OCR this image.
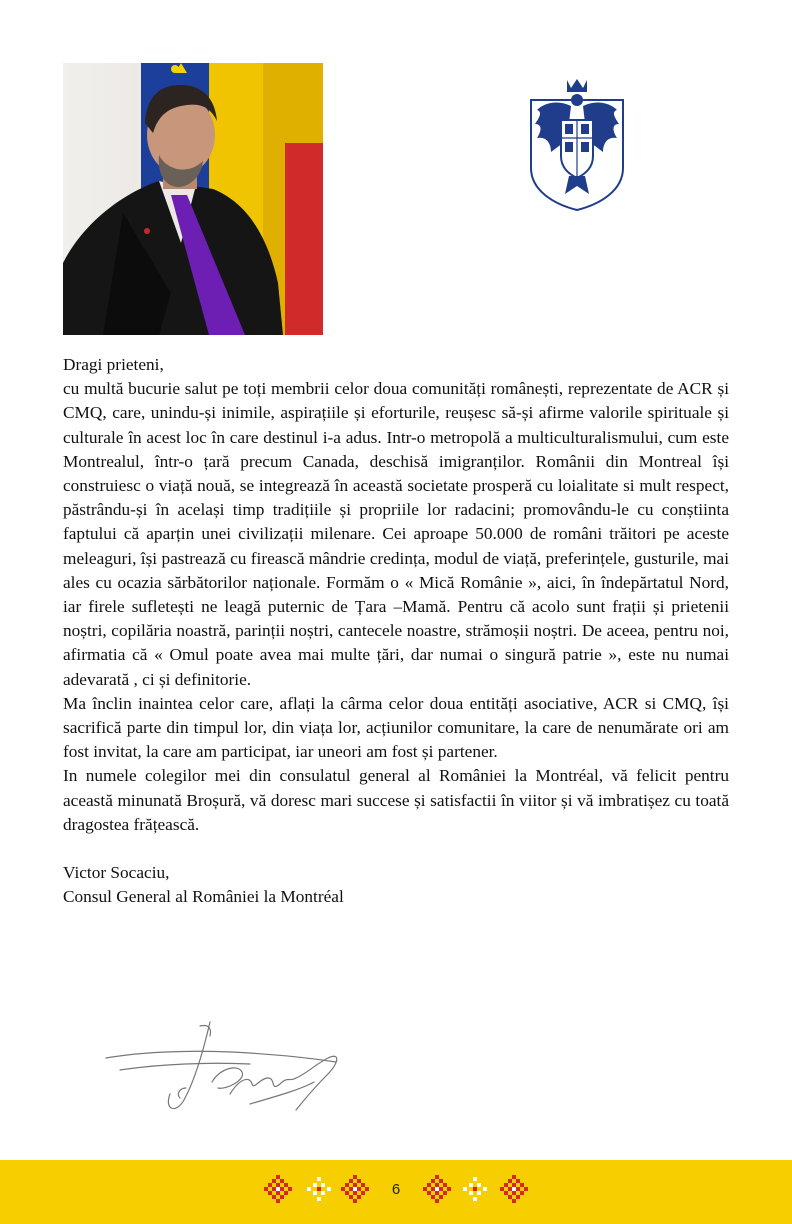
Dragi prieteni,

cu multă bucurie salut pe toți membrii celor doua comunități românești, reprezentate de ACR și CMQ, care, unindu-și inimile, aspirațiile și eforturile, reușesc să-și afirme valorile spirituale și culturale în acest loc în care destinul i-a adus. Intr-o metropolă a multiculturalismului, cum este Montrealul, într-o țară precum Canada, deschisă imigranților. Românii din Montreal își construiesc o viață nouă, se integrează în această societate prosperă cu loialitate si mult respect, păstrându-și în același timp tradițiile și propriile lor radacini; promovându-le cu conștiinta faptului că aparțin unei civilizații milenare. Cei aproape 50.000 de români trăitori pe aceste meleaguri, își pastrează cu firească mândrie credința, modul de viață, preferințele, gusturile, mai ales cu ocazia sărbătorilor naționale. Formăm o « Mică Românie », aici, în îndepărtatul Nord, iar firele sufletești ne leagă puternic de Țara –Mamă. Pentru că acolo sunt frații și prietenii noștri, copilăria noastră, parinții noștri, cantecele noastre, strămoșii noștri. De aceea, pentru noi, afirmatia că « Omul poate avea mai multe țări, dar numai o singură patrie », este nu numai adevarată , ci și definitorie.

Ma înclin inaintea celor care, aflați la cârma celor doua entități asociative, ACR si CMQ, își sacrifică parte din timpul lor, din viața lor, acțiunilor comunitare, la care de nenumărate ori am fost invitat, la care am participat, iar uneori am fost și partener.

In numele colegilor mei din consulatul general al României la Montréal, vă felicit pentru această minunată Broșură, vă doresc mari succese și satisfactii în viitor și vă imbratișez cu toată dragostea frățească.

Victor Socaciu,

Consul General al României la Montréal

6
